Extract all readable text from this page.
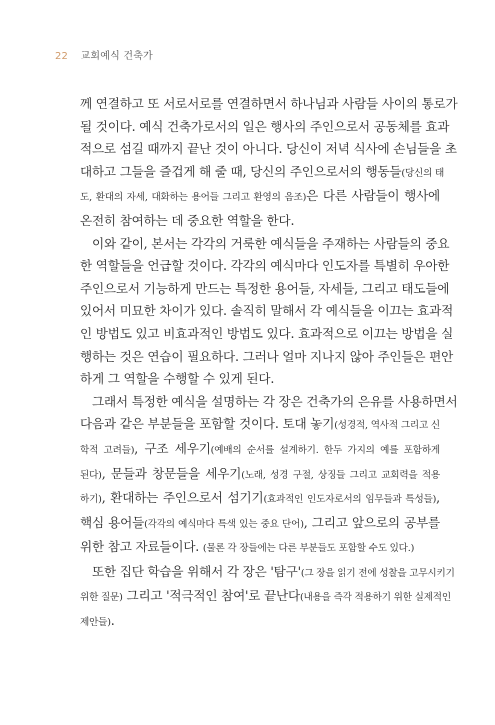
22 교회예식 건축가
께 연결하고 또 서로서로를 연결하면서 하나님과 사람들 사이의 통로가
될 것이다. 예식 건축가로서의 일은 행사의 주인으로서 공동체를 효과
적으로 섬길 때까지 끝난 것이 아니다. 당신이 저녁 식사에 손님들을 초
대하고 그들을 즐겁게 해 줄 때, 당신의 주인으로서의 행동들(당신의 태
도, 환대의 자세, 대화하는 용어들 그리고 환영의 음조)은 다른 사람들이 행사에
온전히 참여하는 데 중요한 역할을 한다.
이와 같이, 본서는 각각의 거룩한 예식들을 주재하는 사람들의 중요
한 역할들을 언급할 것이다. 각각의 예식마다 인도자를 특별히 우아한
주인으로서 기능하게 만드는 특정한 용어들, 자세들, 그리고 태도들에
있어서 미묘한 차이가 있다. 솔직히 말해서 각 예식들을 이끄는 효과적
인 방법도 있고 비효과적인 방법도 있다. 효과적으로 이끄는 방법을 실
행하는 것은 연습이 필요하다. 그러나 얼마 지나지 않아 주인들은 편안
하게 그 역할을 수행할 수 있게 된다.
그래서 특정한 예식을 설명하는 각 장은 건축가의 은유를 사용하면서
다음과 같은 부분들을 포함할 것이다. 토대 놓기(성경적, 역사적 그리고 신
학적 고려들), 구조 세우기(예배의 순서를 설계하기. 한두 가지의 예를 포함하게
된다), 문들과 창문들을 세우기(노래, 성경 구절, 상징들 그리고 교회력을 적용
하기), 환대하는 주인으로서 섬기기(효과적인 인도자로서의 임무들과 특성들),
핵심 용어들(각각의 예식마다 특색 있는 중요 단어), 그리고 앞으로의 공부를
위한 참고 자료들이다. (물론 각 장들에는 다른 부분들도 포함할 수도 있다.)
또한 집단 학습을 위해서 각 장은 '탐구'(그 장을 읽기 전에 성찰을 고무시키기
위한 질문) 그리고 '적극적인 참여'로 끝난다(내용을 즉각 적용하기 위한 실제적인
제안들).
